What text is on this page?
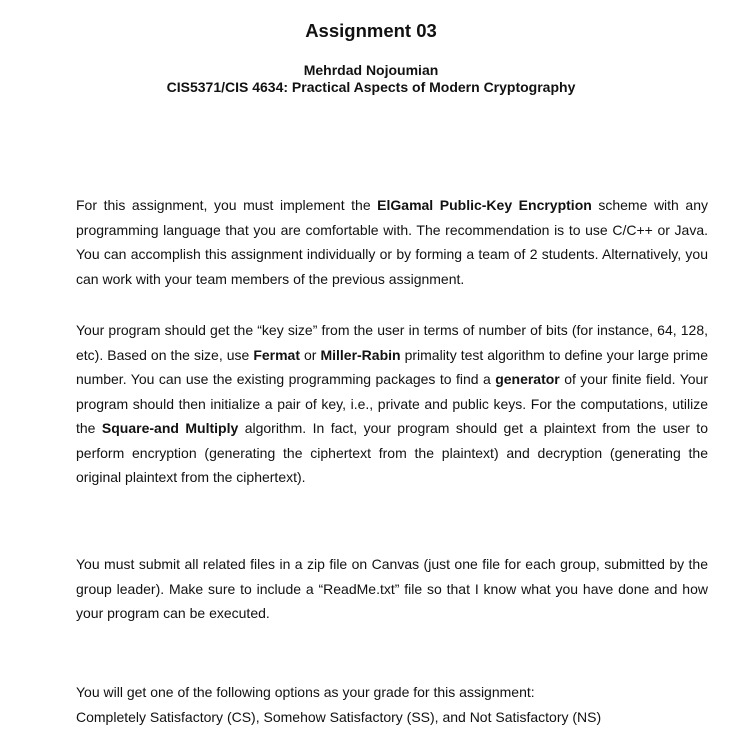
Assignment 03
Mehrdad Nojoumian
CIS5371/CIS 4634: Practical Aspects of Modern Cryptography

For this assignment, you must implement the ElGamal Public-Key Encryption scheme with any programming language that you are comfortable with. The recommendation is to use C/C++ or Java. You can accomplish this assignment individually or by forming a team of 2 students. Alternatively, you can work with your team members of the previous assignment.

Your program should get the “key size” from the user in terms of number of bits (for instance, 64, 128, etc). Based on the size, use Fermat or Miller-Rabin primality test algorithm to define your large prime number. You can use the existing programming packages to find a generator of your finite field. Your program should then initialize a pair of key, i.e., private and public keys. For the computations, utilize the Square-and Multiply algorithm. In fact, your program should get a plaintext from the user to perform encryption (generating the ciphertext from the plaintext) and decryption (generating the original plaintext from the ciphertext).

You must submit all related files in a zip file on Canvas (just one file for each group, submitted by the group leader). Make sure to include a “ReadMe.txt” file so that I know what you have done and how your program can be executed.

You will get one of the following options as your grade for this assignment:
Completely Satisfactory (CS), Somehow Satisfactory (SS), and Not Satisfactory (NS)
